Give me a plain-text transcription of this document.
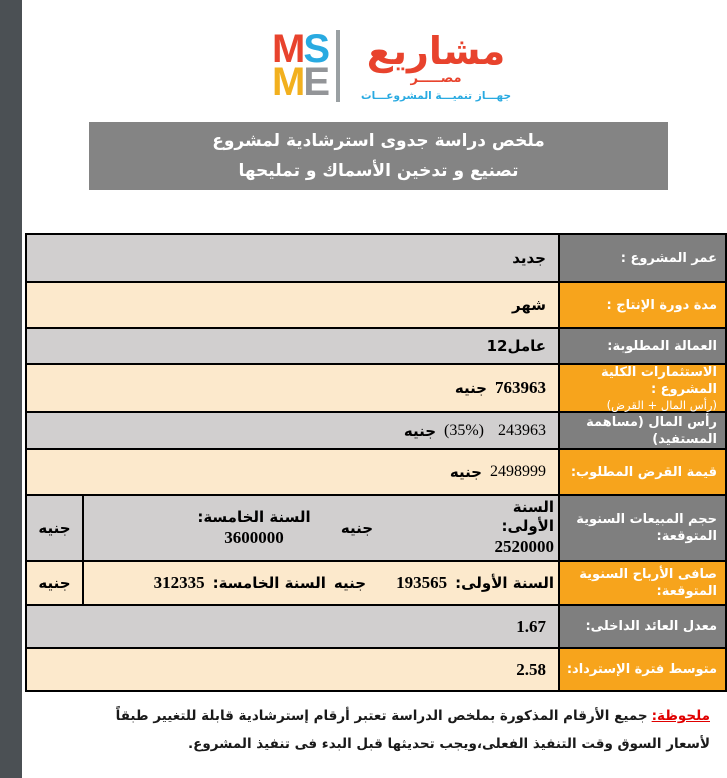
M S
M E
مشاريع
مصـــــر
جهـــاز تنميـــة المشروعـــات
ملخص دراسة جدوى استرشادية لمشروع
تصنيع و تدخين الأسماك و تمليحها
عمر المشروع :
جديد
مدة دورة الإنتاج :
شهر
العمالة المطلوبة:
12عامل
الاستثمارات الكلية المشروع :
(رأس المال + القرض)
763963
جنيه
رأس المال (مساهمة المستفيد)
243963
(35%)
جنيه
قيمة القرض المطلوب:
2498999
جنيه
حجم المبيعات السنوية المتوقعة:
السنة الأولى:
2520000
جنيه
السنة الخامسة:
3600000
جنيه
صافى الأرباح السنوية المتوقعة:
السنة الأولى:
193565
جنيه
السنة الخامسة:
312335
جنيه
معدل العائد الداخلى:
1.67
متوسط فترة الإسترداد:
2.58
ملحوظة:جميع الأرقام المذكورة بملخص الدراسة تعتبر أرقام إسترشادية قابلة للتغيير طبقاً لأسعار السوق وقت التنفيذ الفعلى،ويجب تحديثها قبل البدء فى تنفيذ المشروع.
